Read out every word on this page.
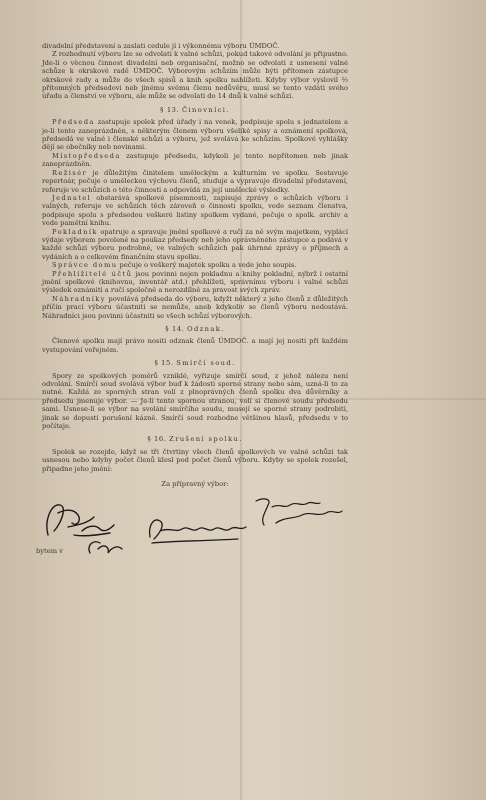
divadelní představení a zaslati cedule jí i výkonnému výboru ÚMDOČ.

Z rozhodnutí výboru lze se odvolati k valné schůzi, pokud takové odvolání je připustno. Jde-li o věcnou činnost divadelní neb organisační, možno se odvolati z usnesení valné schůze k okrskové radě ÚMDOČ. Výborovým schůzím může býti přítomen zástupce okrskové rady a může do všech spisů a knih spolku nahlížeti. Kdyby výbor vyslovil ⅔ přítomných předsedovi neb jinému svému členu nedůvěru, musí se tento vzdáti svého úřadu a členství ve výboru, ale může se odvolati do 14 dnů k valné schůzi.

§ 13. Činovníci.

Předseda zastupuje spolek před úřady i na venek, podpisuje spolu s jednatelem a je-li tento zaneprázdněn, s některým členem výboru všeliké spisy a oznámení spolková, předsedá ve valné i členské schůzi a výboru, jež svolává ke schůzím. Spolkové vyhlášky dějí se obečníky neb novinami.

Místopředseda zastupuje předsedu, kdykoli je tento nepřítomen neb jinak zaneprázdněn.

Režisér je důležitým činitelem uměleckým a kulturním ve spolku. Sestavuje repertoár, pečuje o uměleckou výchovu členů, studuje a vypravuje divadelní představení, referuje ve schůzích o této činnosti a odpovídá za její umělecké výsledky.

Jednatel obstarává spolkové písemnosti, zapisuje zprávy o schůzích výboru i valných, referuje ve schůzích těch zároveň o činnosti spolku, vede seznam členstva, podpisuje spolu s předsedou veškeré listiny spolkem vydané, pečuje o spolk. archiv a vede pamětní knihu.

Pokladník opatruje a spravuje jmění spolkové a ručí za ně svým majetkem, vyplácí výdaje výborem povolené na poukaz předsedy neb jeho oprávněného zástupce a podává v každé schůzi výboru podrobné, ve valných schůzích pak úhrnné zprávy o příjmech a vydáních a o celkovém finančním stavu spolku.

Správce domu pečuje o veškerý majetek spolku a vede jeho soupis.

Přehlížitelé účtů jsou povinni nejen pokladnu a knihy pokladní, nýbrž i ostatní jmění spolkové (knihovnu, inventář atd.) přehlížeti, správnímu výboru i valné schůzi výsledek oznámiti a ručí společně a nerozdílně za pravost svých zpráv.

Náhradníky povolává předseda do výboru, kdyžt některý z jeho členů z důležitých příčin prací výboru účastniti se nemůže, aneb kdykoliv se členů výboru nedostává. Náhradníci jsou povinni účastniti se všech schůzí výborových.

§ 14. Odznak.

Členové spolku mají právo nositi odznak členů ÚMDOČ. a mají jej nositi při každém vystupování veřejném.

§ 15. Smírčí soud.

Spory ze spolkových poměrů vzniklé, vyřizuje smírčí soud, z jehož nálezu není odvolání. Smírčí soud svolává výbor buď k žádosti sporné strany nebo sám, uzná-li to za nutné. Každá ze sporných stran volí z plnoprávných členů spolku dva důvěrníky a předsedu jmenuje výbor. — Je-li tento spornou stranou, volí si členové soudu předsedu sami. Usnese-li se výbor na svolání smírčího soudu, musejí se sporné strany podrobiti, jinak se dopusti porušení kázně. Smírčí soud rozhodne většinou hlasů, předsedu v to počítaje.

§ 16. Zrušení spolku.

Spolek se rozejde, když se tři čtvrtiny všech členů spolkových ve valné schůzi tak usnesou nebo kdyby počet členů klesl pod počet členů výboru. Kdyby se spolek rozešel, připadne jeho jmění:

Za přípravný výbor:
bytem v
